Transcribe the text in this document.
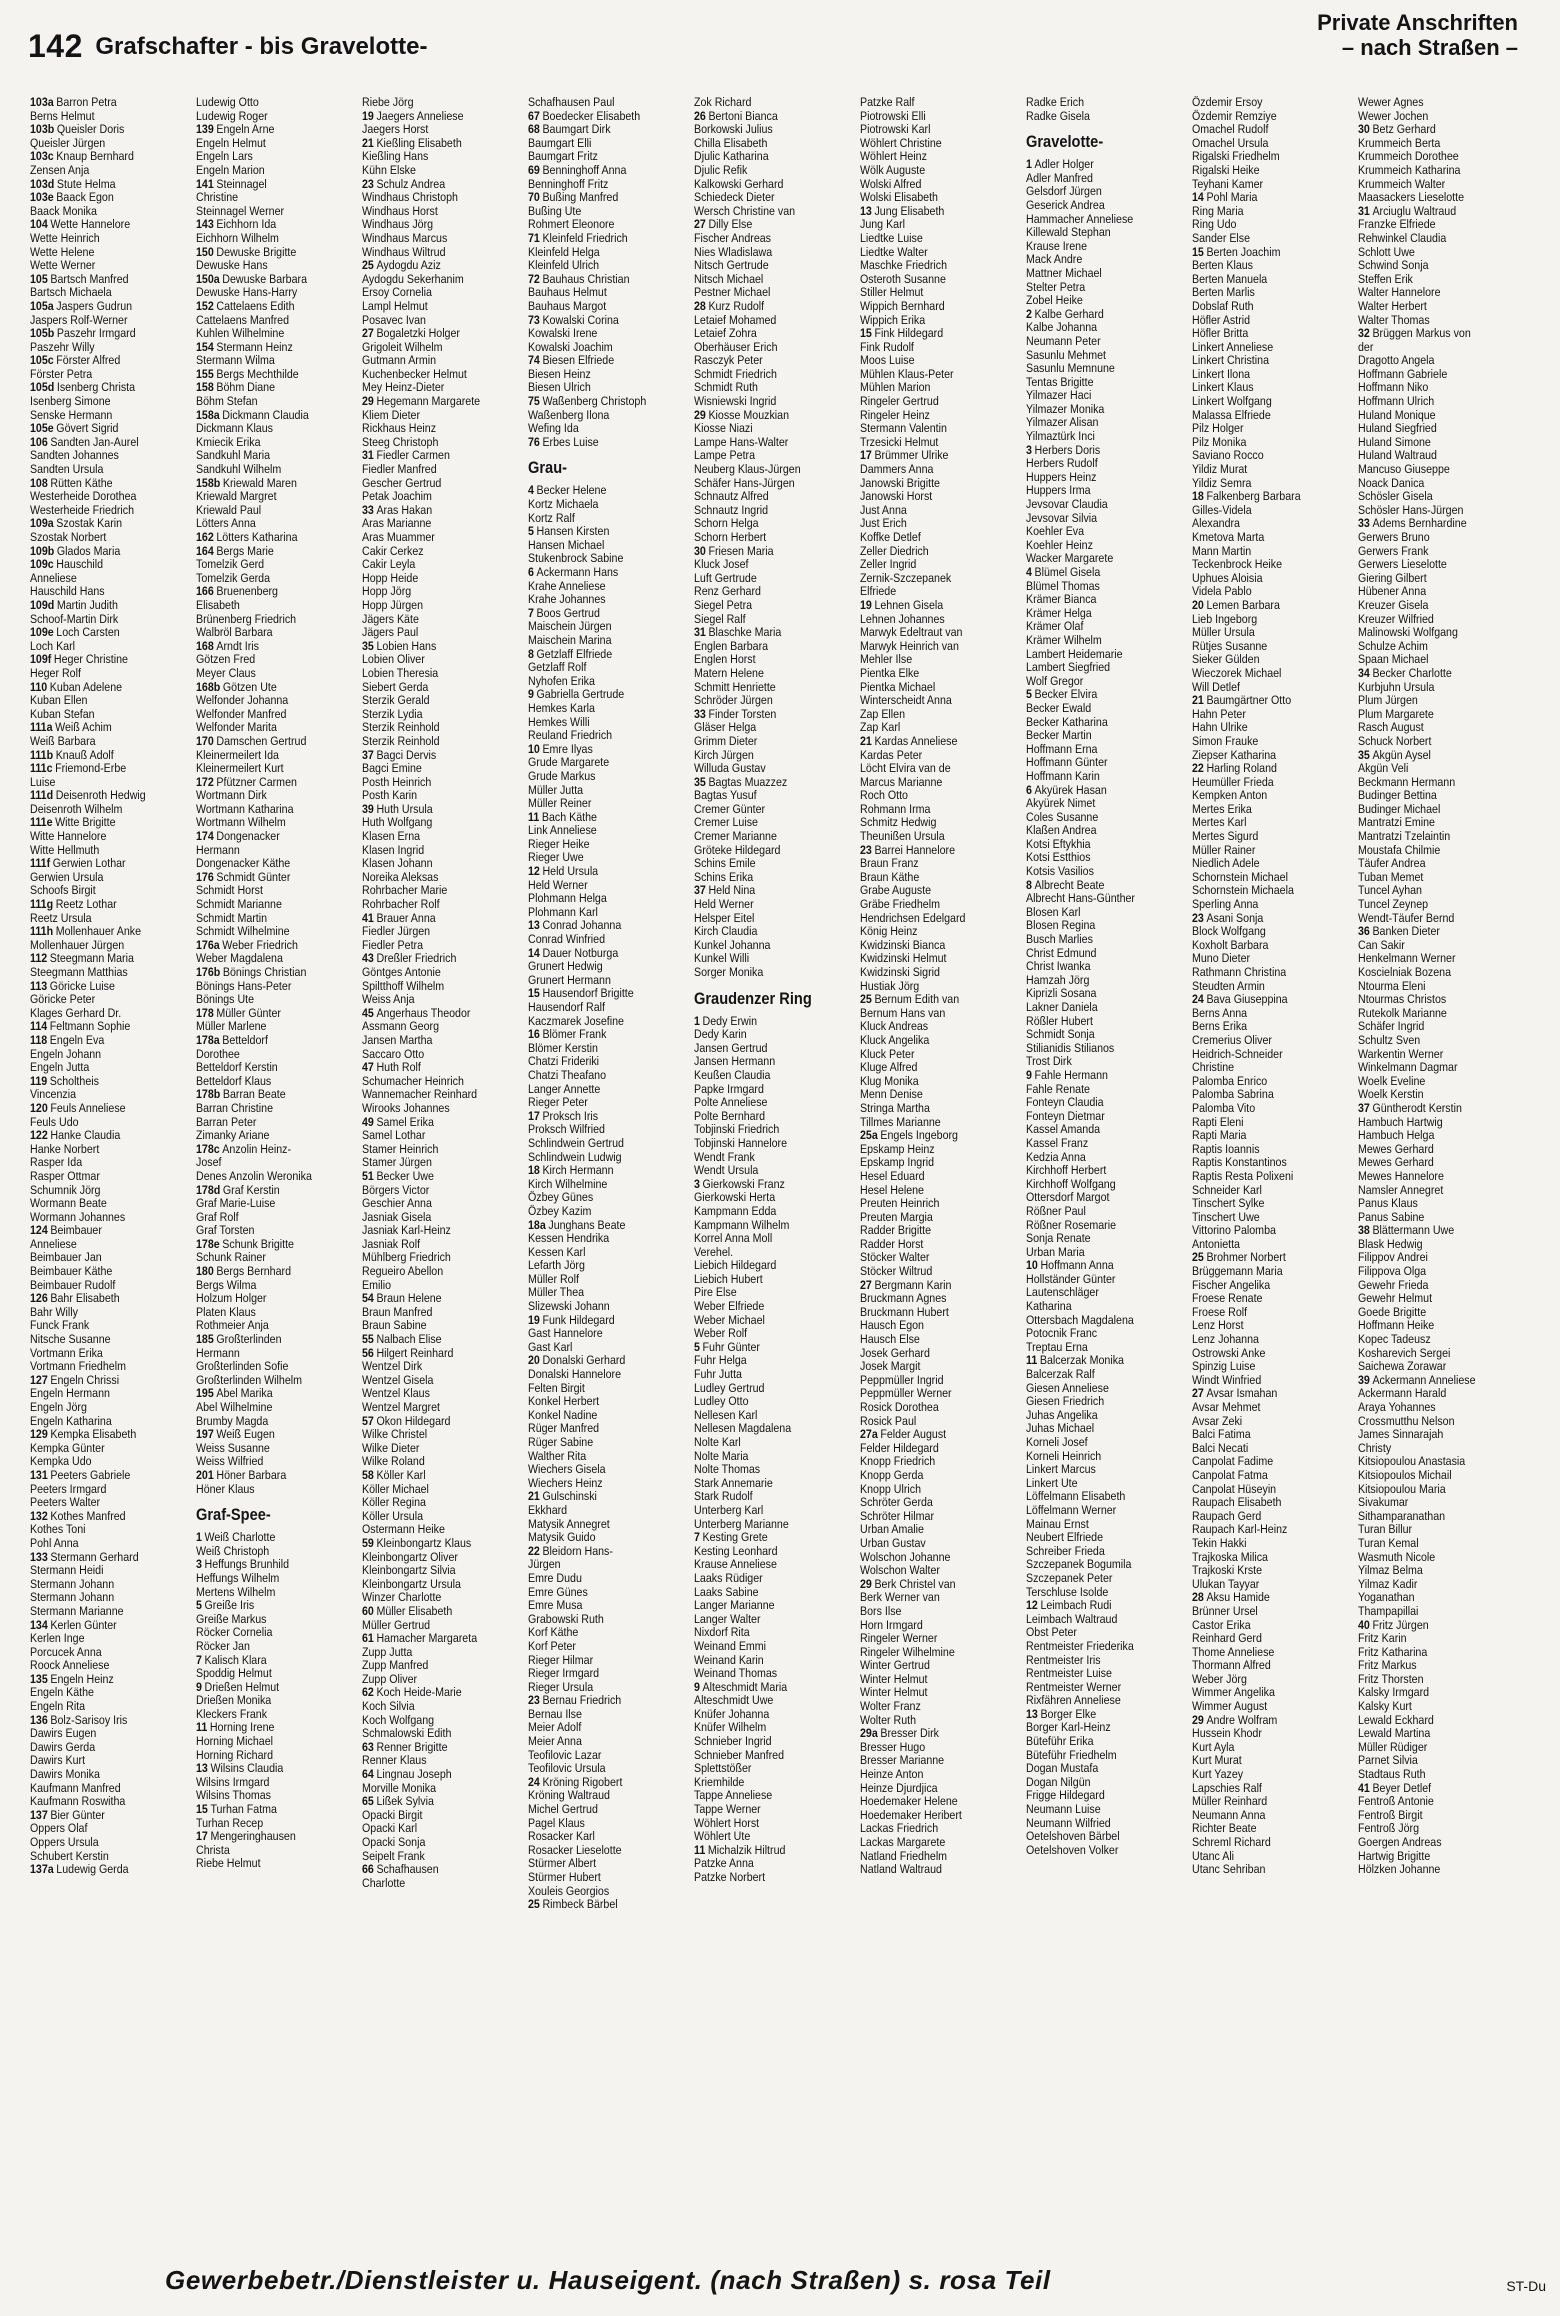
142 Grafschafter - bis Gravelotte-
Private Anschriften
– nach Straßen –
103a Barron Petra
Berns Helmut
103b Queisler Doris
Queisler Jürgen
103c Knaup Bernhard
Zensen Anja
103d Stute Helma
103e Baack Egon
Baack Monika
104 Wette Hannelore
Wette Heinrich
Wette Helene
Wette Werner
105 Bartsch Manfred
Bartsch Michaela
105a Jaspers Gudrun
Jaspers Rolf-Werner
105b Paszehr Irmgard
Paszehr Willy
105c Förster Alfred
Förster Petra
105d Isenberg Christa
Isenberg Simone
Senske Hermann
105e Gövert Sigrid
106 Sandten Jan-Aurel
Sandten Johannes
Sandten Ursula
108 Rütten Käthe
Westerheide Dorothea
Westerheide Friedrich
109a Szostak Karin
Szostak Norbert
109b Glados Maria
109c Hauschild
Anneliese
Hauschild Hans
109d Martin Judith
Schoof-Martin Dirk
109e Loch Carsten
Loch Karl
109f Heger Christine
Heger Rolf
110 Kuban Adelene
Kuban Ellen
Kuban Stefan
111a Weiß Achim
Weiß Barbara
111b Knauß Adolf
111c Friemond-Erbe
Luise
111d Deisenroth Hedwig
Deisenroth Wilhelm
111e Witte Brigitte
Witte Hannelore
Witte Hellmuth
111f Gerwien Lothar
Gerwien Ursula
Schoofs Birgit
111g Reetz Lothar
Reetz Ursula
111h Mollenhauer Anke
Mollenhauer Jürgen
112 Steegmann Maria
Steegmann Matthias
113 Göricke Luise
Göricke Peter
Klages Gerhard Dr.
114 Feltmann Sophie
118 Engeln Eva
Engeln Johann
Engeln Jutta
119 Scholtheis
Vincenzia
120 Feuls Anneliese
Feuls Udo
122 Hanke Claudia
Hanke Norbert
Rasper Ida
Rasper Ottmar
Schumnik Jörg
Wormann Beate
Wormann Johannes
124 Beimbauer
Anneliese
Beimbauer Jan
Beimbauer Käthe
Beimbauer Rudolf
126 Bahr Elisabeth
Bahr Willy
Funck Frank
Nitsche Susanne
Vortmann Erika
Vortmann Friedhelm
127 Engeln Chrissi
Engeln Hermann
Engeln Jörg
Engeln Katharina
129 Kempka Elisabeth
Kempka Günter
Kempka Udo
131 Peeters Gabriele
Peeters Irmgard
Peeters Walter
132 Kothes Manfred
Kothes Toni
Pohl Anna
133 Stermann Gerhard
Stermann Heidi
Stermann Johann
Stermann Johann
Stermann Marianne
134 Kerlen Günter
Kerlen Inge
Porcucek Anna
Roock Anneliese
135 Engeln Heinz
Engeln Käthe
Engeln Rita
136 Bolz-Sarisoy Iris
Dawirs Eugen
Dawirs Gerda
Dawirs Kurt
Dawirs Monika
Kaufmann Manfred
Kaufmann Roswitha
137 Bier Günter
Oppers Olaf
Oppers Ursula
Schubert Kerstin
137a Ludewig Gerda
Ludewig Otto
Ludewig Roger
139 Engeln Arne
Engeln Helmut
Engeln Lars
Engeln Marion
141 Steinnagel
Christine
Steinnagel Werner
143 Eichhorn Ida
Eichhorn Wilhelm
150 Dewuske Brigitte
Dewuske Hans
150a Dewuske Barbara
Dewuske Hans-Harry
152 Cattelaens Edith
Cattelaens Manfred
Kuhlen Wilhelmine
154 Stermann Heinz
Stermann Wilma
155 Bergs Mechthilde
158 Böhm Diane
Böhm Stefan
158a Dickmann Claudia
Dickmann Klaus
Kmiecik Erika
Sandkuhl Maria
Sandkuhl Wilhelm
158b Kriewald Maren
Kriewald Margret
Kriewald Paul
Lötters Anna
162 Lötters Katharina
164 Bergs Marie
Tomelzik Gerd
Tomelzik Gerda
166 Bruenenberg
Elisabeth
Brünenberg Friedrich
Walbröl Barbara
168 Arndt Iris
Götzen Fred
Meyer Claus
168b Götzen Ute
Welfonder Johanna
Welfonder Manfred
Welfonder Marita
170 Damschen Gertrud
Kleinermeilert Ida
Kleinermeilert Kurt
172 Pfützner Carmen
Wortmann Dirk
Wortmann Katharina
Wortmann Wilhelm
174 Dongenacker
Hermann
Dongenacker Käthe
176 Schmidt Günter
Schmidt Horst
Schmidt Marianne
Schmidt Martin
Schmidt Wilhelmine
176a Weber Friedrich
Weber Magdalena
176b Bönings Christian
Bönings Hans-Peter
Bönings Ute
178 Müller Günter
Müller Marlene
178a Betteldorf
Dorothee
Betteldorf Kerstin
Betteldorf Klaus
178b Barran Beate
Barran Christine
Barran Peter
Zimanky Ariane
178c Anzolin Heinz-
Josef
Denes Anzolin Weronika
178d Graf Kerstin
Graf Marie-Luise
Graf Rolf
Graf Torsten
178e Schunk Brigitte
Schunk Rainer
180 Bergs Bernhard
Bergs Wilma
Holzum Holger
Platen Klaus
Rothmeier Anja
185 Großterlinden
Hermann
Großterlinden Sofie
Großterlinden Wilhelm
195 Abel Marika
Abel Wilhelmine
Brumby Magda
197 Weiß Eugen
Weiss Susanne
Weiss Wilfried
201 Höner Barbara
Höner Klaus
Graf-Spee-
1 Weiß Charlotte
Weiß Christoph
3 Heffungs Brunhild
Heffungs Wilhelm
Mertens Wilhelm
5 Greiße Iris
Greiße Markus
Röcker Cornelia
Röcker Jan
7 Kalisch Klara
Spoddig Helmut
9 Drießen Helmut
Drießen Monika
Kleckers Frank
11 Horning Irene
Horning Michael
Horning Richard
13 Wilsins Claudia
Wilsins Irmgard
Wilsins Thomas
15 Turhan Fatma
Turhan Recep
17 Mengeringhausen
Christa
Riebe Helmut
Riebe Jörg
19 Jaegers Anneliese
Jaegers Horst
21 Kießling Elisabeth
Kießling Hans
Kühn Elske
23 Schulz Andrea
Windhaus Christoph
Windhaus Horst
Windhaus Jörg
Windhaus Marcus
Windhaus Wiltrud
25 Aydogdu Aziz
Aydogdu Sekerhanim
Ersoy Cornelia
Lampl Helmut
Posavec Ivan
27 Bogaletzki Holger
Grigoleit Wilhelm
Gutmann Armin
Kuchenbecker Helmut
Mey Heinz-Dieter
29 Hegemann Margarete
Kliem Dieter
Rickhaus Heinz
Steeg Christoph
31 Fiedler Carmen
Fiedler Manfred
Gescher Gertrud
Petak Joachim
33 Aras Hakan
Aras Marianne
Aras Muammer
Cakir Cerkez
Cakir Leyla
Hopp Heide
Hopp Jörg
Hopp Jürgen
Jägers Käte
Jägers Paul
35 Lobien Hans
Lobien Oliver
Lobien Theresia
Siebert Gerda
Sterzik Gerald
Sterzik Lydia
Sterzik Reinhold
Sterzik Reinhold
37 Bagci Dervis
Bagci Emine
Posth Heinrich
Posth Karin
39 Huth Ursula
Huth Wolfgang
Klasen Erna
Klasen Ingrid
Klasen Johann
Noreika Aleksas
Rohrbacher Marie
Rohrbacher Rolf
41 Brauer Anna
Fiedler Jürgen
Fiedler Petra
43 Dreßler Friedrich
Göntges Antonie
Spiltthoff Wilhelm
Weiss Anja
45 Angerhaus Theodor
Assmann Georg
Jansen Martha
Saccaro Otto
47 Huth Rolf
Schumacher Heinrich
Wannemacher Reinhard
Wirooks Johannes
49 Samel Erika
Samel Lothar
Stamer Heinrich
Stamer Jürgen
51 Becker Uwe
Börgers Victor
Geschier Anna
Jasniak Gisela
Jasniak Karl-Heinz
Jasniak Rolf
Mühlberg Friedrich
Regueiro Abellon
Emilio
54 Braun Helene
Braun Manfred
Braun Sabine
55 Nalbach Elise
56 Hilgert Reinhard
Wentzel Dirk
Wentzel Gisela
Wentzel Klaus
Wentzel Margret
57 Okon Hildegard
Wilke Christel
Wilke Dieter
Wilke Roland
58 Köller Karl
Köller Michael
Köller Regina
Köller Ursula
Ostermann Heike
59 Kleinbongartz Klaus
Kleinbongartz Oliver
Kleinbongartz Silvia
Kleinbongartz Ursula
Winzer Charlotte
60 Müller Elisabeth
Müller Gertrud
61 Hamacher Margareta
Zupp Jutta
Zupp Manfred
Zupp Oliver
62 Koch Heide-Marie
Koch Silvia
Koch Wolfgang
Schmalowski Edith
63 Renner Brigitte
Renner Klaus
64 Lingnau Joseph
Morville Monika
65 Lißek Sylvia
Opacki Birgit
Opacki Karl
Opacki Sonja
Seipelt Frank
66 Schafhausen
Charlotte
Schafhausen Paul
67 Boedecker Elisabeth
68 Baumgart Dirk
Baumgart Elli
Baumgart Fritz
69 Benninghoff Anna
Benninghoff Fritz
70 Bußing Manfred
Bußing Ute
Rohmert Eleonore
71 Kleinfeld Friedrich
Kleinfeld Helga
Kleinfeld Ulrich
72 Bauhaus Christian
Bauhaus Helmut
Bauhaus Margot
73 Kowalski Corina
Kowalski Irene
Kowalski Joachim
74 Biesen Elfriede
Biesen Heinz
Biesen Ulrich
75 Waßenberg Christoph
Waßenberg Ilona
Wefing Ida
76 Erbes Luise
Grau-
4 Becker Helene
Kortz Michaela
Kortz Ralf
5 Hansen Kirsten
Hansen Michael
Stukenbrock Sabine
6 Ackermann Hans
Krahe Anneliese
Krahe Johannes
7 Boos Gertrud
Maischein Jürgen
Maischein Marina
8 Getzlaff Elfriede
Getzlaff Rolf
Nyhofen Erika
9 Gabriella Gertrude
Hemkes Karla
Hemkes Willi
Reuland Friedrich
10 Emre Ilyas
Grude Margarete
Grude Markus
Müller Jutta
Müller Reiner
11 Bach Käthe
Link Anneliese
Rieger Heike
Rieger Uwe
12 Held Ursula
Held Werner
Plohmann Helga
Plohmann Karl
13 Conrad Johanna
Conrad Winfried
14 Dauer Notburga
Grunert Hedwig
Grunert Hermann
15 Hausendorf Brigitte
Hausendorf Ralf
Kaczmarek Josefine
16 Blömer Frank
Blömer Kerstin
Chatzi Frideriki
Chatzi Theafano
Langer Annette
Rieger Peter
17 Proksch Iris
Proksch Wilfried
Schlindwein Gertrud
Schlindwein Ludwig
18 Kirch Hermann
Kirch Wilhelmine
Özbey Günes
Özbey Kazim
18a Junghans Beate
Kessen Hendrika
Kessen Karl
Lefarth Jörg
Müller Rolf
Müller Thea
Slizewski Johann
19 Funk Hildegard
Gast Hannelore
Gast Karl
20 Donalski Gerhard
Donalski Hannelore
Felten Birgit
Konkel Herbert
Konkel Nadine
Rüger Manfred
Rüger Sabine
Walther Rita
Wiechers Gisela
Wiechers Heinz
21 Gulschinski
Ekkhard
Matysik Annegret
Matysik Guido
22 Bleidorn Hans-
Jürgen
Emre Dudu
Emre Günes
Emre Musa
Grabowski Ruth
Korf Käthe
Korf Peter
Rieger Hilmar
Rieger Irmgard
Rieger Ursula
23 Bernau Friedrich
Bernau Ilse
Meier Adolf
Meier Anna
Teofilovic Lazar
Teofilovic Ursula
24 Kröning Rigobert
Kröning Waltraud
Michel Gertrud
Pagel Klaus
Rosacker Karl
Rosacker Lieselotte
Stürmer Albert
Stürmer Hubert
Xouleis Georgios
25 Rimbeck Bärbel
Zok Richard
26 Bertoni Bianca
Borkowski Julius
Chilla Elisabeth
Djulic Katharina
Djulic Refik
Kalkowski Gerhard
Schiedeck Dieter
Wersch Christine van
27 Dilly Else
Fischer Andreas
Nies Wladislawa
Nitsch Gertrude
Nitsch Michael
Pestner Michael
28 Kurz Rudolf
Letaief Mohamed
Letaief Zohra
Oberhäuser Erich
Rasczyk Peter
Schmidt Friedrich
Schmidt Ruth
Wisniewski Ingrid
29 Kiosse Mouzkian
Kiosse Niazi
Lampe Hans-Walter
Lampe Petra
Neuberg Klaus-Jürgen
Schäfer Hans-Jürgen
Schnautz Alfred
Schnautz Ingrid
Schorn Helga
Schorn Herbert
30 Friesen Maria
Kluck Josef
Luft Gertrude
Renz Gerhard
Siegel Petra
Siegel Ralf
31 Blaschke Maria
Englen Barbara
Englen Horst
Matern Helene
Schmitt Henriette
Schröder Jürgen
33 Finder Torsten
Gläser Helga
Grimm Dieter
Kirch Jürgen
Willuda Gustav
35 Bagtas Muazzez
Bagtas Yusuf
Cremer Günter
Cremer Luise
Cremer Marianne
Gröteke Hildegard
Schins Emile
Schins Erika
37 Held Nina
Held Werner
Helsper Eitel
Kirch Claudia
Kunkel Johanna
Kunkel Willi
Sorger Monika
Graudenzer Ring
1 Dedy Erwin
Dedy Karin
Jansen Gertrud
Jansen Hermann
Keußen Claudia
Papke Irmgard
Polte Anneliese
Polte Bernhard
Tobjinski Friedrich
Tobjinski Hannelore
Wendt Frank
Wendt Ursula
3 Gierkowski Franz
Gierkowski Herta
Kampmann Edda
Kampmann Wilhelm
Korrel Anna Moll
Verehel.
Liebich Hildegard
Liebich Hubert
Pire Else
Weber Elfriede
Weber Michael
Weber Rolf
5 Fuhr Günter
Fuhr Helga
Fuhr Jutta
Ludley Gertrud
Ludley Otto
Nellesen Karl
Nellesen Magdalena
Nolte Karl
Nolte Maria
Nolte Thomas
Stark Annemarie
Stark Rudolf
Unterberg Karl
Unterberg Marianne
7 Kesting Grete
Kesting Leonhard
Krause Anneliese
Laaks Rüdiger
Laaks Sabine
Langer Marianne
Langer Walter
Nixdorf Rita
Weinand Emmi
Weinand Karin
Weinand Thomas
9 Alteschmidt Maria
Alteschmidt Uwe
Knüfer Johanna
Knüfer Wilhelm
Schnieber Ingrid
Schnieber Manfred
Splettstößer
Kriemhilde
Tappe Anneliese
Tappe Werner
Wöhlert Horst
Wöhlert Ute
11 Michalzik Hiltrud
Patzke Anna
Patzke Norbert
Patzke Ralf
Piotrowski Elli
Piotrowski Karl
Wöhlert Christine
Wöhlert Heinz
Wölk Auguste
Wolski Alfred
Wolski Elisabeth
13 Jung Elisabeth
Jung Karl
Liedtke Luise
Liedtke Walter
Maschke Friedrich
Osteroth Susanne
Stiller Helmut
Wippich Bernhard
Wippich Erika
15 Fink Hildegard
Fink Rudolf
Moos Luise
Mühlen Klaus-Peter
Mühlen Marion
Ringeler Gertrud
Ringeler Heinz
Stermann Valentin
Trzesicki Helmut
17 Brümmer Ulrike
Dammers Anna
Janowski Brigitte
Janowski Horst
Just Anna
Just Erich
Koffke Detlef
Zeller Diedrich
Zeller Ingrid
Zernik-Szczepanek
Elfriede
19 Lehnen Gisela
Lehnen Johannes
Marwyk Edeltraut van
Marwyk Heinrich van
Mehler Ilse
Pientka Elke
Pientka Michael
Winterscheidt Anna
Zap Ellen
Zap Karl
21 Kardas Anneliese
Kardas Peter
Löcht Elvira van de
Marcus Marianne
Roch Otto
Rohmann Irma
Schmitz Hedwig
Theunißen Ursula
23 Barrei Hannelore
Braun Franz
Braun Käthe
Grabe Auguste
Gräbe Friedhelm
Hendrichsen Edelgard
König Heinz
Kwidzinski Bianca
Kwidzinski Helmut
Kwidzinski Sigrid
Hustiak Jörg
25 Bernum Edith van
Bernum Hans van
Kluck Andreas
Kluck Angelika
Kluck Peter
Kluge Alfred
Klug Monika
Menn Denise
Stringa Martha
Tillmes Marianne
25a Engels Ingeborg
Epskamp Heinz
Epskamp Ingrid
Hesel Eduard
Hesel Helene
Preuten Heinrich
Preuten Margia
Radder Brigitte
Radder Horst
Stöcker Walter
Stöcker Wiltrud
27 Bergmann Karin
Bruckmann Agnes
Bruckmann Hubert
Hausch Egon
Hausch Else
Josek Gerhard
Josek Margit
Peppmüller Ingrid
Peppmüller Werner
Rosick Dorothea
Rosick Paul
27a Felder August
Felder Hildegard
Knopp Friedrich
Knopp Gerda
Knopp Ulrich
Schröter Gerda
Schröter Hilmar
Urban Amalie
Urban Gustav
Wolschon Johanne
Wolschon Walter
29 Berk Christel van
Berk Werner van
Bors Ilse
Horn Irmgard
Ringeler Werner
Ringeler Wilhelmine
Winter Gertrud
Winter Helmut
Winter Helmut
Wolter Franz
Wolter Ruth
29a Bresser Dirk
Bresser Hugo
Bresser Marianne
Heinze Anton
Heinze Djurdjica
Hoedemaker Helene
Hoedemaker Heribert
Lackas Friedrich
Lackas Margarete
Natland Friedhelm
Natland Waltraud
Radke Erich
Radke Gisela
Gravelotte-
1 Adler Holger
Adler Manfred
Gelsdorf Jürgen
Geserick Andrea
Hammacher Anneliese
Killewald Stephan
Krause Irene
Mack Andre
Mattner Michael
Stelter Petra
Zobel Heike
2 Kalbe Gerhard
Kalbe Johanna
Neumann Peter
Sasunlu Mehmet
Sasunlu Memnune
Tentas Brigitte
Yilmazer Haci
Yilmazer Monika
Yilmazer Alisan
Yilmaztürk Inci
3 Herbers Doris
Herbers Rudolf
Huppers Heinz
Huppers Irma
Jevsovar Claudia
Jevsovar Silvia
Koehler Eva
Koehler Heinz
Wacker Margarete
4 Blümel Gisela
Blümel Thomas
Krämer Bianca
Krämer Helga
Krämer Olaf
Krämer Wilhelm
Lambert Heidemarie
Lambert Siegfried
Wolf Gregor
5 Becker Elvira
Becker Ewald
Becker Katharina
Becker Martin
Hoffmann Erna
Hoffmann Günter
Hoffmann Karin
6 Akyürek Hasan
Akyürek Nimet
Coles Susanne
Klaßen Andrea
Kotsi Eftykhia
Kotsi Estthios
Kotsis Vasilios
8 Albrecht Beate
Albrecht Hans-Günther
Blosen Karl
Blosen Regina
Busch Marlies
Christ Edmund
Christ Iwanka
Hamzah Jörg
Kiprizli Sosana
Lakner Daniela
Rößler Hubert
Schmidt Sonja
Stilianidis Stilianos
Trost Dirk
9 Fahle Hermann
Fahle Renate
Fonteyn Claudia
Fonteyn Dietmar
Kassel Amanda
Kassel Franz
Kedzia Anna
Kirchhoff Herbert
Kirchhoff Wolfgang
Ottersdorf Margot
Rößner Paul
Rößner Rosemarie
Sonja Renate
Urban Maria
10 Hoffmann Anna
Hollständer Günter
Lautenschläger
Katharina
Ottersbach Magdalena
Potocnik Franc
Treptau Erna
11 Balcerzak Monika
Balcerzak Ralf
Giesen Anneliese
Giesen Friedrich
Juhas Angelika
Juhas Michael
Korneli Josef
Korneli Heinrich
Linkert Marcus
Linkert Ute
Löffelmann Elisabeth
Löffelmann Werner
Mainau Ernst
Neubert Elfriede
Schreiber Frieda
Szczepanek Bogumila
Szczepanek Peter
Terschluse Isolde
12 Leimbach Rudi
Leimbach Waltraud
Obst Peter
Rentmeister Friederika
Rentmeister Iris
Rentmeister Luise
Rentmeister Werner
Rixfähren Anneliese
13 Borger Elke
Borger Karl-Heinz
Büteführ Erika
Büteführ Friedhelm
Dogan Mustafa
Dogan Nilgün
Frigge Hildegard
Neumann Luise
Neumann Wilfried
Oetelshoven Bärbel
Oetelshoven Volker
Özdemir Ersoy
Özdemir Remziye
Omachel Rudolf
Omachel Ursula
Rigalski Friedhelm
Rigalski Heike
Teyhani Kamer
14 Pohl Maria
Ring Maria
Ring Udo
Sander Else
15 Berten Joachim
Berten Klaus
Berten Manuela
Berten Marlis
Dobslaf Ruth
Höfler Astrid
Höfler Britta
Linkert Anneliese
Linkert Christina
Linkert Ilona
Linkert Klaus
Linkert Wolfgang
Malassa Elfriede
Pilz Holger
Pilz Monika
Saviano Rocco
Yildiz Murat
Yildiz Semra
18 Falkenberg Barbara
Gilles-Videla
Alexandra
Kmetova Marta
Mann Martin
Teckenbrock Heike
Uphues Aloisia
Videla Pablo
20 Lemen Barbara
Lieb Ingeborg
Müller Ursula
Rütjes Susanne
Sieker Gülden
Wieczorek Michael
Will Detlef
21 Baumgärtner Otto
Hahn Peter
Hahn Ulrike
Simon Frauke
Ziepser Katharina
22 Harling Roland
Heumüller Frieda
Kempken Anton
Mertes Erika
Mertes Karl
Mertes Sigurd
Müller Rainer
Niedlich Adele
Schornstein Michael
Schornstein Michaela
Sperling Anna
23 Asani Sonja
Block Wolfgang
Koxholt Barbara
Muno Dieter
Rathmann Christina
Steudten Armin
24 Bava Giuseppina
Berns Anna
Berns Erika
Cremerius Oliver
Heidrich-Schneider
Christine
Palomba Enrico
Palomba Sabrina
Palomba Vito
Rapti Eleni
Rapti Maria
Raptis Ioannis
Raptis Konstantinos
Raptis Resta Polixeni
Schneider Karl
Tinschert Sylke
Tinschert Uwe
Vittorino Palomba
Antonietta
25 Brohmer Norbert
Brüggemann Maria
Fischer Angelika
Froese Renate
Froese Rolf
Lenz Horst
Lenz Johanna
Ostrowski Anke
Spinzig Luise
Windt Winfried
27 Avsar Ismahan
Avsar Mehmet
Avsar Zeki
Balci Fatima
Balci Necati
Canpolat Fadime
Canpolat Fatma
Canpolat Hüseyin
Raupach Elisabeth
Raupach Gerd
Raupach Karl-Heinz
Tekin Hakki
Trajkoska Milica
Trajkoski Krste
Ulukan Tayyar
28 Aksu Hamide
Brünner Ursel
Castor Erika
Reinhard Gerd
Thome Anneliese
Thormann Alfred
Weber Jörg
Wimmer Angelika
Wimmer August
29 Andre Wolfram
Hussein Khodr
Kurt Ayla
Kurt Murat
Kurt Yazey
Lapschies Ralf
Müller Reinhard
Neumann Anna
Richter Beate
Schreml Richard
Utanc Ali
Utanc Sehriban
Wewer Agnes
Wewer Jochen
30 Betz Gerhard
Krummeich Berta
Krummeich Dorothee
Krummeich Katharina
Krummeich Walter
Maasackers Lieselotte
31 Arciuglu Waltraud
Franzke Elfriede
Rehwinkel Claudia
Schlott Uwe
Schwind Sonja
Steffen Erik
Walter Hannelore
Walter Herbert
Walter Thomas
32 Brüggen Markus von
der
Dragotto Angela
Hoffmann Gabriele
Hoffmann Niko
Hoffmann Ulrich
Huland Monique
Huland Siegfried
Huland Simone
Huland Waltraud
Mancuso Giuseppe
Noack Danica
Schösler Gisela
Schösler Hans-Jürgen
33 Adems Bernhardine
Gerwers Bruno
Gerwers Frank
Gerwers Lieselotte
Giering Gilbert
Hübener Anna
Kreuzer Gisela
Kreuzer Wilfried
Malinowski Wolfgang
Schulze Achim
Spaan Michael
34 Becker Charlotte
Kurbjuhn Ursula
Plum Jürgen
Plum Margarete
Rasch August
Schuck Norbert
35 Akgün Aysel
Akgün Veli
Beckmann Hermann
Budinger Bettina
Budinger Michael
Mantratzi Emine
Mantratzi Tzelaintin
Moustafa Chilmie
Täufer Andrea
Tuban Memet
Tuncel Ayhan
Tuncel Zeynep
Wendt-Täufer Bernd
36 Banken Dieter
Can Sakir
Henkelmann Werner
Koscielniak Bozena
Ntourma Eleni
Ntourmas Christos
Rutekolk Marianne
Schäfer Ingrid
Schultz Sven
Warkentin Werner
Winkelmann Dagmar
Woelk Eveline
Woelk Kerstin
37 Güntherodt Kerstin
Hambuch Hartwig
Hambuch Helga
Mewes Gerhard
Mewes Gerhard
Mewes Hannelore
Namsler Annegret
Panus Klaus
Panus Sabine
38 Blättermann Uwe
Blask Hedwig
Filippov Andrei
Filippova Olga
Gewehr Frieda
Gewehr Helmut
Goede Brigitte
Hoffmann Heike
Kopec Tadeusz
Kosharevich Sergei
Saichewa Zorawar
39 Ackermann Anneliese
Ackermann Harald
Araya Yohannes
Crossmutthu Nelson
James Sinnarajah
Christy
Kitsiopoulou Anastasia
Kitsiopoulos Michail
Kitsiopoulou Maria
Sivakumar
Sithamparanathan
Turan Billur
Turan Kemal
Wasmuth Nicole
Yilmaz Belma
Yilmaz Kadir
Yoganathan
Thampapillai
40 Fritz Jürgen
Fritz Karin
Fritz Katharina
Fritz Markus
Fritz Thorsten
Kalsky Irmgard
Kalsky Kurt
Lewald Eckhard
Lewald Martina
Müller Rüdiger
Parnet Silvia
Stadtaus Ruth
41 Beyer Detlef
Fentroß Antonie
Fentroß Birgit
Fentroß Jörg
Goergen Andreas
Hartwig Brigitte
Hölzken Johanne
Gewerbebetr./Dienstleister u. Hauseigent. (nach Straßen) s. rosa Teil	ST-Du
